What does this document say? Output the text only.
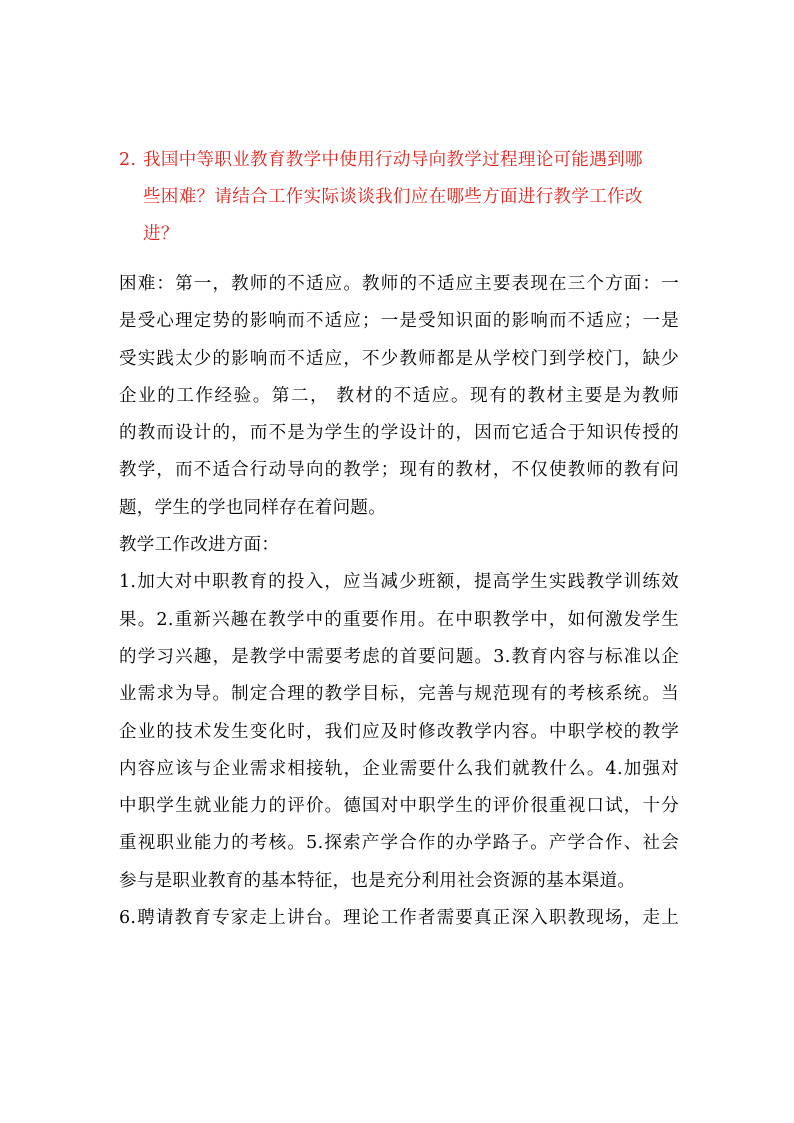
2. 我国中等职业教育教学中使用行动导向教学过程理论可能遇到哪
些困难？请结合工作实际谈谈我们应在哪些方面进行教学工作改
进？
困难：第一，教师的不适应。教师的不适应主要表现在三个方面：一
是受心理定势的影响而不适应；一是受知识面的影响而不适应；一是
受实践太少的影响而不适应，不少教师都是从学校门到学校门，缺少
企业的工作经验。第二， 教材的不适应。现有的教材主要是为教师
的教而设计的，而不是为学生的学设计的，因而它适合于知识传授的
教学，而不适合行动导向的教学；现有的教材，不仅使教师的教有问
题，学生的学也同样存在着问题。
教学工作改进方面：
1.加大对中职教育的投入，应当减少班额，提高学生实践教学训练效
果。2.重新兴趣在教学中的重要作用。在中职教学中，如何激发学生
的学习兴趣，是教学中需要考虑的首要问题。3.教育内容与标准以企
业需求为导。制定合理的教学目标，完善与规范现有的考核系统。当
企业的技术发生变化时，我们应及时修改教学内容。中职学校的教学
内容应该与企业需求相接轨，企业需要什么我们就教什么。4.加强对
中职学生就业能力的评价。德国对中职学生的评价很重视口试，十分
重视职业能力的考核。5.探索产学合作的办学路子。产学合作、社会
参与是职业教育的基本特征，也是充分利用社会资源的基本渠道。
6.聘请教育专家走上讲台。理论工作者需要真正深入职教现场，走上
